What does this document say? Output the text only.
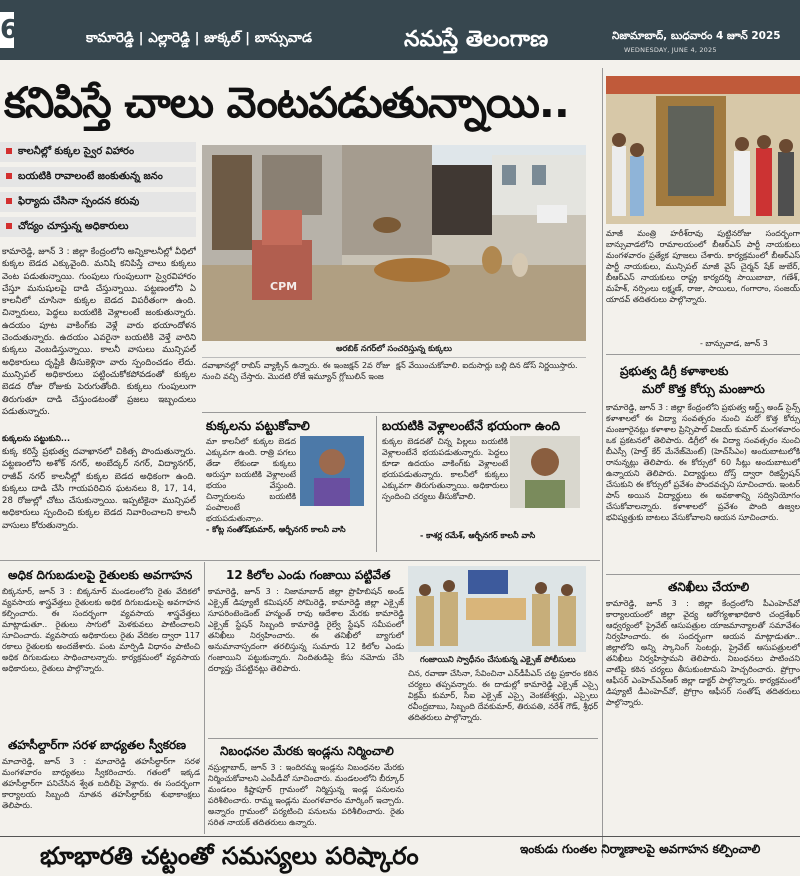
6	కామారెడ్డి | ఎల్లారెడ్డి | జుక్కల్ | బాన్సువాడ	నమస్తే తెలంగాణ	నిజామాబాద్, బుధవారం 4 జూన్ 2025
WEDNESDAY, JUNE 4, 2025
కనిపిస్తే చాలు వెంటపడుతున్నాయి..
కాలనీల్లో కుక్కల స్వైర విహారం
బయటికి రావాలంటే జంకుతున్న జనం
ఫిర్యాదు చేసినా స్పందన కరువు
చోద్యం చూస్తున్న అధికారులు

కామారెడ్డి, జూన్ 3 : జిల్లా కేంద్రంలోని అన్నికాలనీల్లో వీధిలో కుక్కల బెడద ఎక్కువైంది. మనిషి కనిపిస్తే చాలు కుక్కలు వెంట పడుతున్నాయి. గుంపులు గుంపులుగా స్వైరవిహారం చేస్తూ మనుషులపై దాడి చేస్తున్నాయి. పట్టణంలోని ఏ కాలనీలో చూసినా కుక్కల బెడద విపరీతంగా ఉంది. చిన్నారులు, పెద్దలు బయటికి వెళ్లాలంటే జంకుతున్నారు. ఉదయం పూట వాకింగ్‌కు వెళ్లే వారు భయాందోళన చెందుతున్నారు. ఉదయం ఎవరైనా బయటికి వెళ్తే వారిని కుక్కలు వెంబడిస్తున్నాయి. కాలనీ వాసులు మున్సిపల్ అధికారులు దృష్టికి తీసుకెళ్లినా వారు స్పందించడం లేదు. మున్సిపల్ అధికారులు పట్టించుకోకపోవడంతో కుక్కల బెడద రోజు రోజుకు పెరుగుతోంది. కుక్కలు గుంపులుగా తిరుగుతూ దాడి చేస్తుండటంతో ప్రజలు ఇబ్బందులు పడుతున్నారు.

కుక్కలను పట్టుకుని...

కుక్క కరిస్తే ప్రభుత్వ దవాఖానలో చికిత్స పొందుతున్నారు. పట్టణంలోని అశోక్ నగర్, అంబేద్కర్ నగర్, విద్యానగర్, రాజీవ్ నగర్ కాలనీల్లో కుక్కల బెడద అధికంగా ఉంది. కుక్కలు దాడి చేసి గాయపరిచిన ఘటనలు 8, 17, 14, 28 రోజుల్లో చోటు చేసుకున్నాయి. ఇప్పటికైనా మున్సిపల్ అధికారులు స్పందించి కుక్కల బెడద నివారించాలని కాలనీ వాసులు కోరుతున్నారు.

CPM
అరబిక్ నగర్‌లో సంచరిస్తున్న కుక్కలు

దవాఖానల్లో రాబిస్ వ్యాక్సిన్ ఉన్నారు. ఈ ఇంజక్షన్ 2వ రోజు నుంచి వచ్చి చేస్తారు. మొదటి రోజే ఇమ్యూన్ గ్లోబులిన్ ఇంజ

క్షన్ వేయించుకోవాలి. ఐదుసార్లు బల్లి దిన డోస్ నిర్ణయిస్తారు.

కుక్కలను పట్టుకోవాలి

మా కాలనీలో కుక్కల బెడద ఎక్కువగా ఉంది. రాత్రి పగలు తేడా లేకుండా కుక్కలు అరుస్తూ బయటికి వెళ్లాలంటే భయం వేస్తుంది. చిన్నారులను బయటికి పంపాలంటే భయపడుతున్నాం.

- కోట్ల సంతోష్‌కుమార్, ఆర్బీనగర్ కాలనీ వాసి
బయటికి వెళ్లాలంటేనే భయంగా ఉంది

కుక్కల బెడదతో చిన్న పిల్లలు బయటికి వెళ్లాలంటేనే భయపడుతున్నారు. పెద్దలు కూడా ఉదయం వాకింగ్‌కు వెళ్లాలంటే భయపడుతున్నారు. కాలనీలో కుక్కలు ఎక్కువగా తిరుగుతున్నాయి. అధికారులు స్పందించి చర్యలు తీసుకోవాలి.

- కాశర్ల రమేశ్, ఆర్బీనగర్ కాలనీ వాసి

మాజీ మంత్రి హరీశ్‌రావు పుట్టినరోజు సందర్భంగా బాన్సువాడలోని రామాలయంలో బీఆర్‌ఎస్ పార్టీ నాయకులు మంగళవారం ప్రత్యేక పూజలు చేశారు. కార్యక్రమంలో బీఆర్‌ఎస్ పార్టీ నాయకులు, మున్సిపల్ మాజీ వైస్ చైర్మన్ షేక్ జుబేర్, బీఆర్‌ఎస్ నాయకులు రాష్ట్ర కార్యదర్శి సాయిబాబా, గణేశ్, మహేశ్, నర్సింలు లక్ష్మణ్, రాజు, సాయిలు, గంగారాం, సంజయ్ యాదవ్ తదితరులు పాల్గొన్నారు.

- బాన్సువాడ, జూన్ 3
ప్రభుత్వ డిగ్రీ కళాశాలకు
మరో కొత్త కోర్సు మంజూరు

కామారెడ్డి, జూన్ 3 : జిల్లా కేంద్రంలోని ప్రభుత్వ ఆర్ట్స్ అండ్ సైన్స్ కళాశాలలో ఈ విద్యా సంవత్సరం నుంచి మరో కొత్త కోర్సు మంజూరైనట్లు కళాశాల ప్రిన్సిపాల్ విజయ్ కుమార్ మంగళవారం ఒక ప్రకటనలో తెలిపారు. డిగ్రీలో ఈ విద్యా సంవత్సరం నుంచి బీఎస్సీ (హెల్త్ కేర్ మేనేజ్‌మెంట్) (హెచ్‌సీఎం) అందుబాటులోకి రానున్నట్లు తెలిపారు. ఈ కోర్సులో 60 సీట్లు అందుబాటులో ఉన్నాయని తెలిపారు. విద్యార్థులు దోస్త్ ద్వారా రిజిస్ట్రేషన్ చేసుకుని ఈ కోర్సులో ప్రవేశం పొందవచ్చని సూచించారు. ఇంటర్ పాస్ అయిన విద్యార్థులు ఈ అవకాశాన్ని సద్వినియోగం చేసుకోవాలన్నారు. కళాశాలలో ప్రవేశం పొంది ఉజ్వల భవిష్యత్తుకు బాటలు వేసుకోవాలని ఆయన సూచించారు.

తనిఖీలు చేయాలి

కామారెడ్డి, జూన్ 3 : జిల్లా కేంద్రంలోని పీఎంహెచ్‌వో కార్యాలయంలో జిల్లా వైద్య ఆరోగ్యశాఖాధికారి చంద్రశేఖర్ ఆధ్వర్యంలో ప్రైవేట్ ఆసుపత్రుల యాజమాన్యాలతో సమావేశం నిర్వహించారు. ఈ సందర్భంగా ఆయన మాట్లాడుతూ.. జిల్లాలోని అన్ని స్కానింగ్ సెంటర్లు, ప్రైవేట్ ఆసుపత్రులలో తనిఖీలు నిర్వహిస్తామని తెలిపారు. నిబంధనలు పాటించని వాటిపై కఠిన చర్యలు తీసుకుంటామని హెచ్చరించారు. ప్రోగ్రాం ఆఫీసర్ ఎంహెచ్‌ఎన్‌ఆర్ జిల్లా డాక్టర్ పాల్గొన్నారు. కార్యక్రమంలో డిప్యూటీ డీఎంహెచ్‌వో, ప్రోగ్రాం ఆఫీసర్ సంతోష్ తదితరులు పాల్గొన్నారు.

అధిక దిగుబడులపై రైతులకు అవగాహన

బిక్కనూర్, జూన్ 3 : బిక్కనూర్ మండలంలోని రైతు వేదికలో వ్యవసాయ శాస్త్రవేత్తలు రైతులకు అధిక దిగుబడులపై అవగాహన కల్పించారు. ఈ సందర్భంగా వ్యవసాయ శాస్త్రవేత్తలు మాట్లాడుతూ.. రైతులు సాగులో మెళకువలు పాటించాలని సూచించారు. వ్యవసాయ అధికారులు రైతు వేదికల ద్వారా 117 రకాలు రైతులకు అందజేశారు. పంట మార్పిడి విధానం పాటించి అధిక దిగుబడులు సాధించాలన్నారు. కార్యక్రమంలో వ్యవసాయ అధికారులు, రైతులు పాల్గొన్నారు.

తహసీల్దార్‌గా సరళ బాధ్యతల స్వీకరణ

మాచారెడ్డి, జూన్ 3 : మాచారెడ్డి తహసీల్దార్‌గా సరళ మంగళవారం బాధ్యతలు స్వీకరించారు. గతంలో ఇక్కడ తహసీల్దార్‌గా పనిచేసిన శ్వేత బదిలీపై వెళ్లారు. ఈ సందర్భంగా కార్యాలయ సిబ్బంది నూతన తహసీల్దార్‌కు శుభాకాంక్షలు తెలిపారు.

12 కిలోల ఎండు గంజాయి పట్టివేత

కామారెడ్డి, జూన్ 3 : నిజామాబాద్ జిల్లా ప్రొహిబిషన్ అండ్ ఎక్సైజ్ డిప్యూటీ కమిషనర్ సోమిరెడ్డి, కామారెడ్డి జిల్లా ఎక్సైజ్ సూపరింటెండెంట్ హన్మంత్ రావు ఆదేశాల మేరకు కామారెడ్డి ఎక్సైజ్ స్టేషన్ సిబ్బంది కామారెడ్డి రైల్వే స్టేషన్ సమీపంలో తనిఖీలు నిర్వహించారు. ఈ తనిఖీలో బ్యాగులో అనుమానాస్పదంగా తరలిస్తున్న సుమారు 12 కిలోల ఎండు గంజాయిని పట్టుకున్నారు. నిందితుడిపై కేసు నమోదు చేసి దర్యాప్తు చేపట్టినట్లు తెలిపారు.

గంజాయిని స్వాధీనం చేసుకున్న ఎక్సైజ్ పోలీసులు

చిన, రవాణా చేసినా, సేవించినా ఎన్‌డీపీఎస్ చట్ట ప్రకారం కఠిన చర్యలు తప్పవన్నారు. ఈ దాడుల్లో కామారెడ్డి ఎక్సైజ్ ఎస్సై విక్రమ్ కుమార్, సీఐ ఎక్సైజ్ ఎస్సై వెంకటేశ్వర్లు, ఎస్సైలు రవీంద్రబాబు, సిబ్బంది దేవకుమార్, తిరుపతి, నరేశ్ గౌడ్, శ్రీధర్ తదితరులు పాల్గొన్నారు.

నిబంధనల మేరకు ఇండ్లను నిర్మించాలి

నస్రుల్లాబాద్, జూన్ 3 : ఇందిరమ్మ ఇండ్లను నిబంధనల మేరకు నిర్మించుకోవాలని ఎంపీడీవో సూచించారు. మండలంలోని బీర్కూర్ మండలం కిష్టాపూర్ గ్రామంలో నిర్మిస్తున్న ఇండ్ల పనులను పరిశీలించారు. రామ్మ ఇండ్లను మంగళవారం మార్కింగ్ ఇచ్చారు. అన్నారం గ్రామంలో పర్యటించి పనులను పరిశీలించారు. రైతు సరిత నాయక్ తదితరులు ఉన్నారు.

భూభారతి చట్టంతో సమస్యలు పరిష్కారం	ఇంకుడు గుంతల నిర్మాణాలపై అవగాహన కల్పించాలి
